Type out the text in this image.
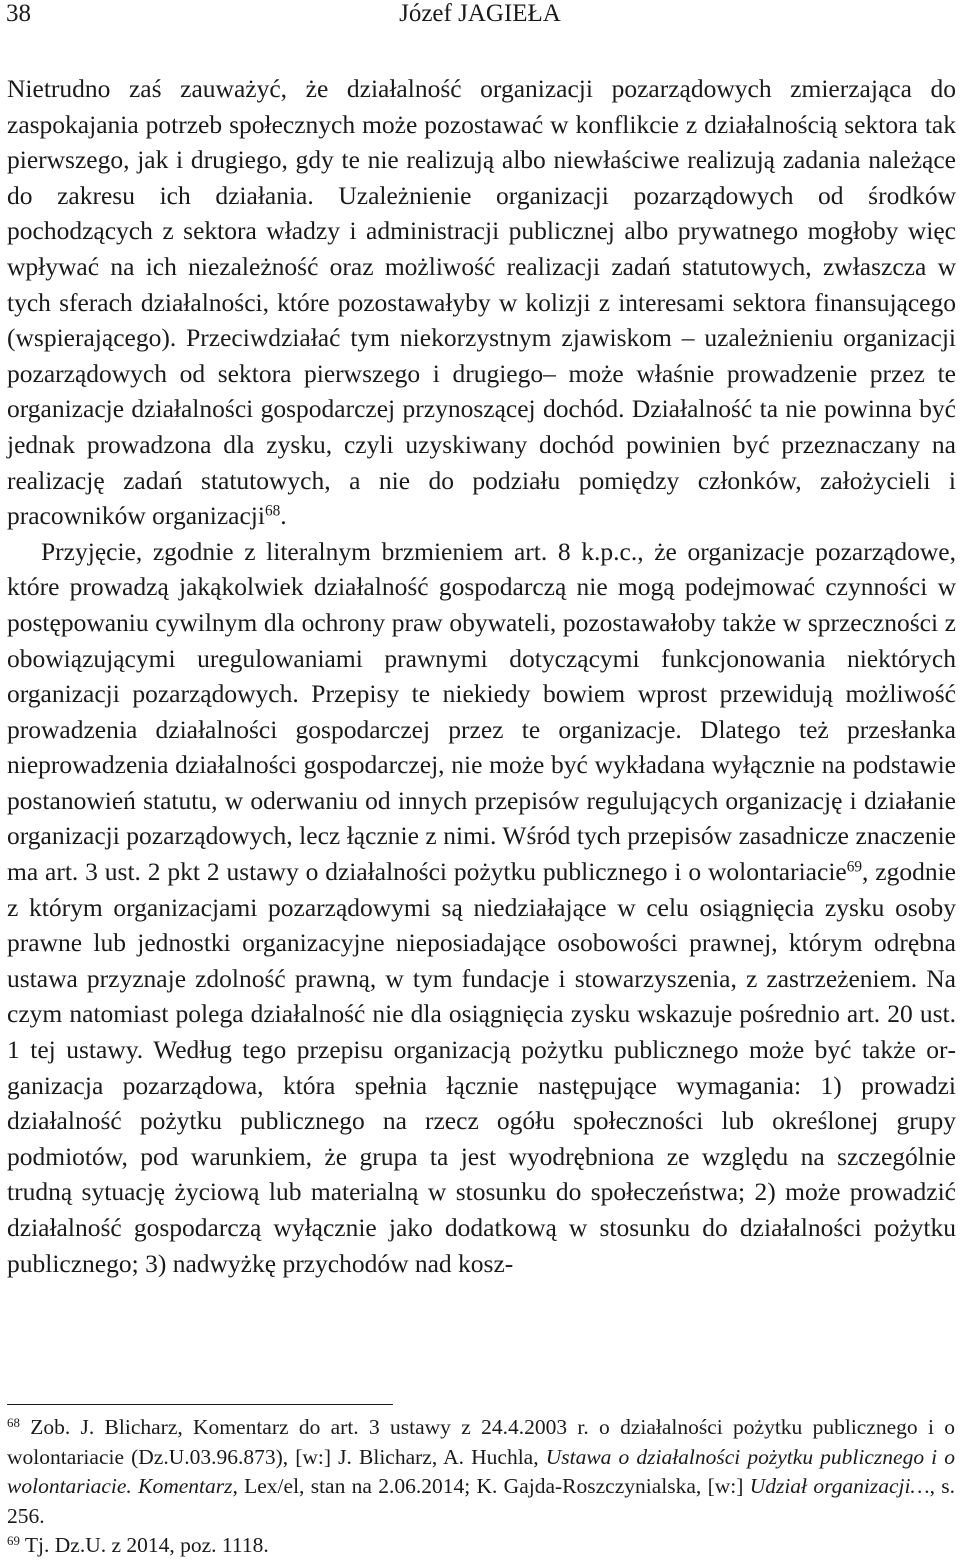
38	Józef JAGIEŁA

Nietrudno zaś zauważyć, że działalność organizacji pozarządowych zmierzająca do zaspokajania potrzeb społecznych może pozostawać w konflikcie z działalnością sektora tak pierwszego, jak i drugiego, gdy te nie realizują albo niewłaściwe realizują zadania należące do zakresu ich działania. Uzależnienie organizacji pozarządowych od środków pochodzących z sektora władzy i administracji publicznej albo prywatnego mogłoby więc wpływać na ich niezależność oraz możliwość realizacji zadań statutowych, zwłaszcza w tych sferach działalności, które pozostawałyby w kolizji z interesami sektora finansującego (wspierającego). Przeciwdziałać tym niekorzystnym zjawiskom – uzależnieniu organizacji pozarządowych od sektora pierwszego i drugiego– może właśnie prowadzenie przez te organizacje działalności gospodarczej przynoszącej dochód. Działalność ta nie powinna być jednak prowadzona dla zysku, czyli uzyskiwany dochód powinien być przeznaczany na realizację zadań statutowych, a nie do podziału pomiędzy członków, założycieli i pracowników organizacji$^{68}$.

Przyjęcie, zgodnie z literalnym brzmieniem art. 8 k.p.c., że organizacje pozarządowe, które prowadzą jakąkolwiek działalność gospodarczą nie mogą podejmować czynności w postępowaniu cywilnym dla ochrony praw obywateli, pozostawałoby także w sprzeczności z obowiązującymi uregulowaniami prawnymi dotyczącymi funkcjonowania niektórych organizacji pozarządowych. Przepisy te niekiedy bowiem wprost przewidują możliwość prowadzenia działalności gospodarczej przez te organizacje. Dlatego też przesłanka nieprowadzenia działalności gospodarczej, nie może być wykładana wyłącznie na podstawie postanowień statutu, w oderwaniu od innych przepisów regulujących organizację i działanie organizacji pozarządowych, lecz łącznie z nimi. Wśród tych przepisów zasadnicze znaczenie ma art. 3 ust. 2 pkt 2 ustawy o działalności pożytku publicznego i o wolontariacie$^{69}$, zgodnie z którym organizacjami pozarządowymi są niedziałające w celu osiągnięcia zysku osoby prawne lub jednostki organizacyjne nieposiadające osobowości prawnej, którym odrębna ustawa przyznaje zdolność prawną, w tym fundacje i stowarzyszenia, z zastrzeżeniem. Na czym natomiast polega działalność nie dla osiągnięcia zysku wskazuje pośrednio art. 20 ust. 1 tej ustawy. Według tego przepisu organizacją pożytku publicznego może być także organizacja pozarządowa, która spełnia łącznie następujące wymagania: 1) prowadzi działalność pożytku publicznego na rzecz ogółu społeczności lub określonej grupy podmiotów, pod warunkiem, że grupa ta jest wyodrębniona ze względu na szczególnie trudną sytuację życiową lub materialną w stosunku do społeczeństwa; 2) może prowadzić działalność gospodarczą wyłącznie jako dodatkową w stosunku do działalności pożytku publicznego; 3) nadwyżkę przychodów nad kosz-

$^{68}$ Zob. J. Blicharz, Komentarz do art. 3 ustawy z 24.4.2003 r. o działalności pożytku publicznego i o wolontariacie (Dz.U.03.96.873), [w:] J. Blicharz, A. Huchla, Ustawa o działalności pożytku publicznego i o wolontariacie. Komentarz, Lex/el, stan na 2.06.2014; K. Gajda-Roszczynialska, [w:] Udział organizacji…, s. 256.

$^{69}$ Tj. Dz.U. z 2014, poz. 1118.
